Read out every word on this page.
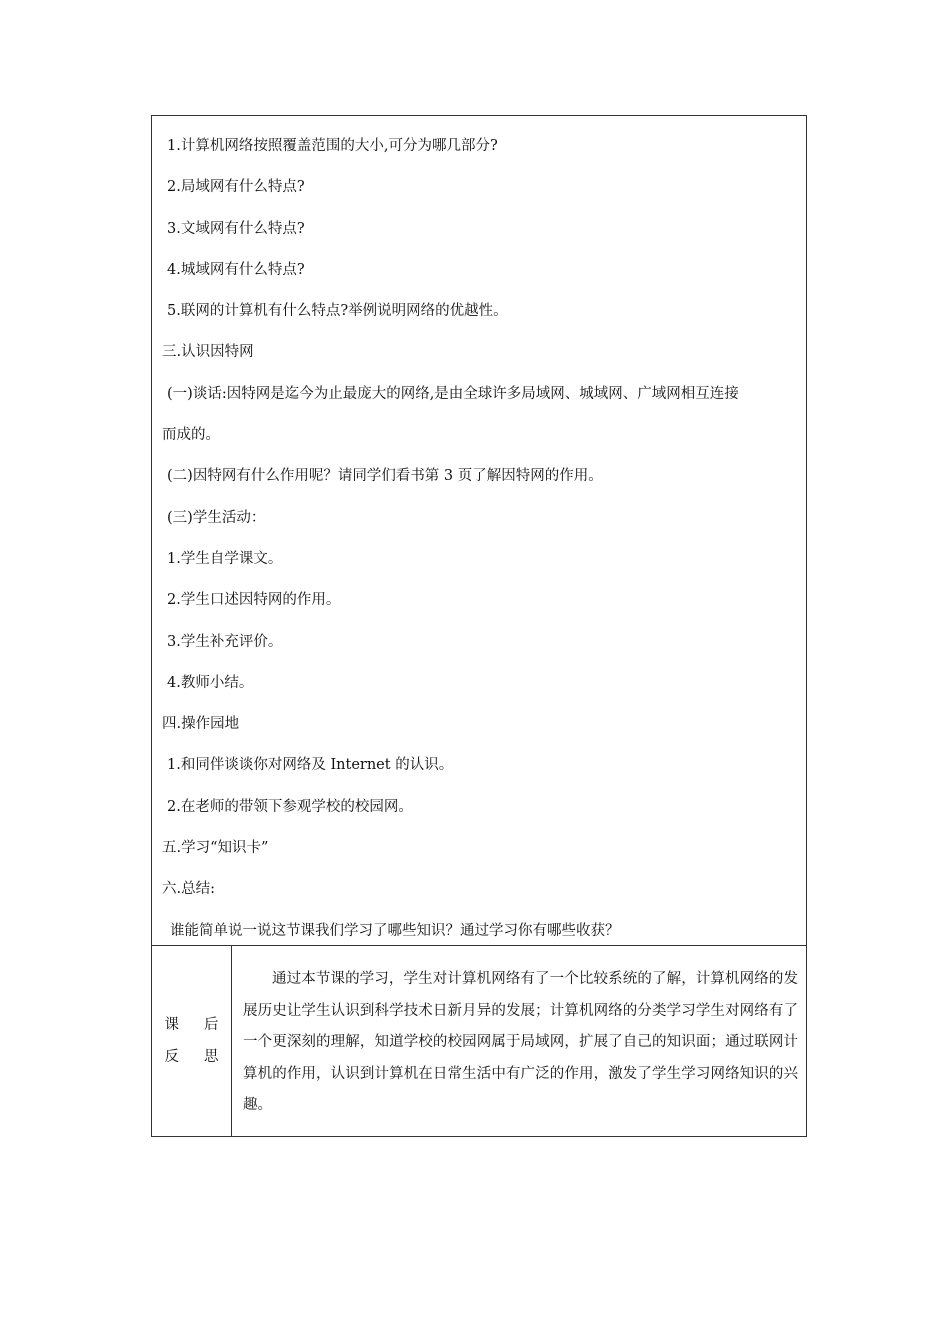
1.计算机网络按照覆盖范围的大小,可分为哪几部分?
2.局域网有什么特点?
3.文域网有什么特点?
4.城域网有什么特点?
5.联网的计算机有什么特点?举例说明网络的优越性。
三.认识因特网
(一)谈话:因特网是迄今为止最庞大的网络,是由全球许多局域网、城域网、广域网相互连接
而成的。
(二)因特网有什么作用呢？请同学们看书第 3 页了解因特网的作用。
(三)学生活动：
1.学生自学课文。
2.学生口述因特网的作用。
3.学生补充评价。
4.教师小结。
四.操作园地
1.和同伴谈谈你对网络及 Internet 的认识。
2.在老师的带领下参观学校的校园网。
五.学习“知识卡”
六.总结:
谁能简单说一说这节课我们学习了哪些知识？通过学习你有哪些收获？
课 后
反 思
通过本节课的学习，学生对计算机网络有了一个比较系统的了解，计算机网络的发展历史让学生认识到科学技术日新月异的发展；计算机网络的分类学习学生对网络有了一个更深刻的理解，知道学校的校园网属于局域网，扩展了自己的知识面；通过联网计算机的作用，认识到计算机在日常生活中有广泛的作用，激发了学生学习网络知识的兴趣。
